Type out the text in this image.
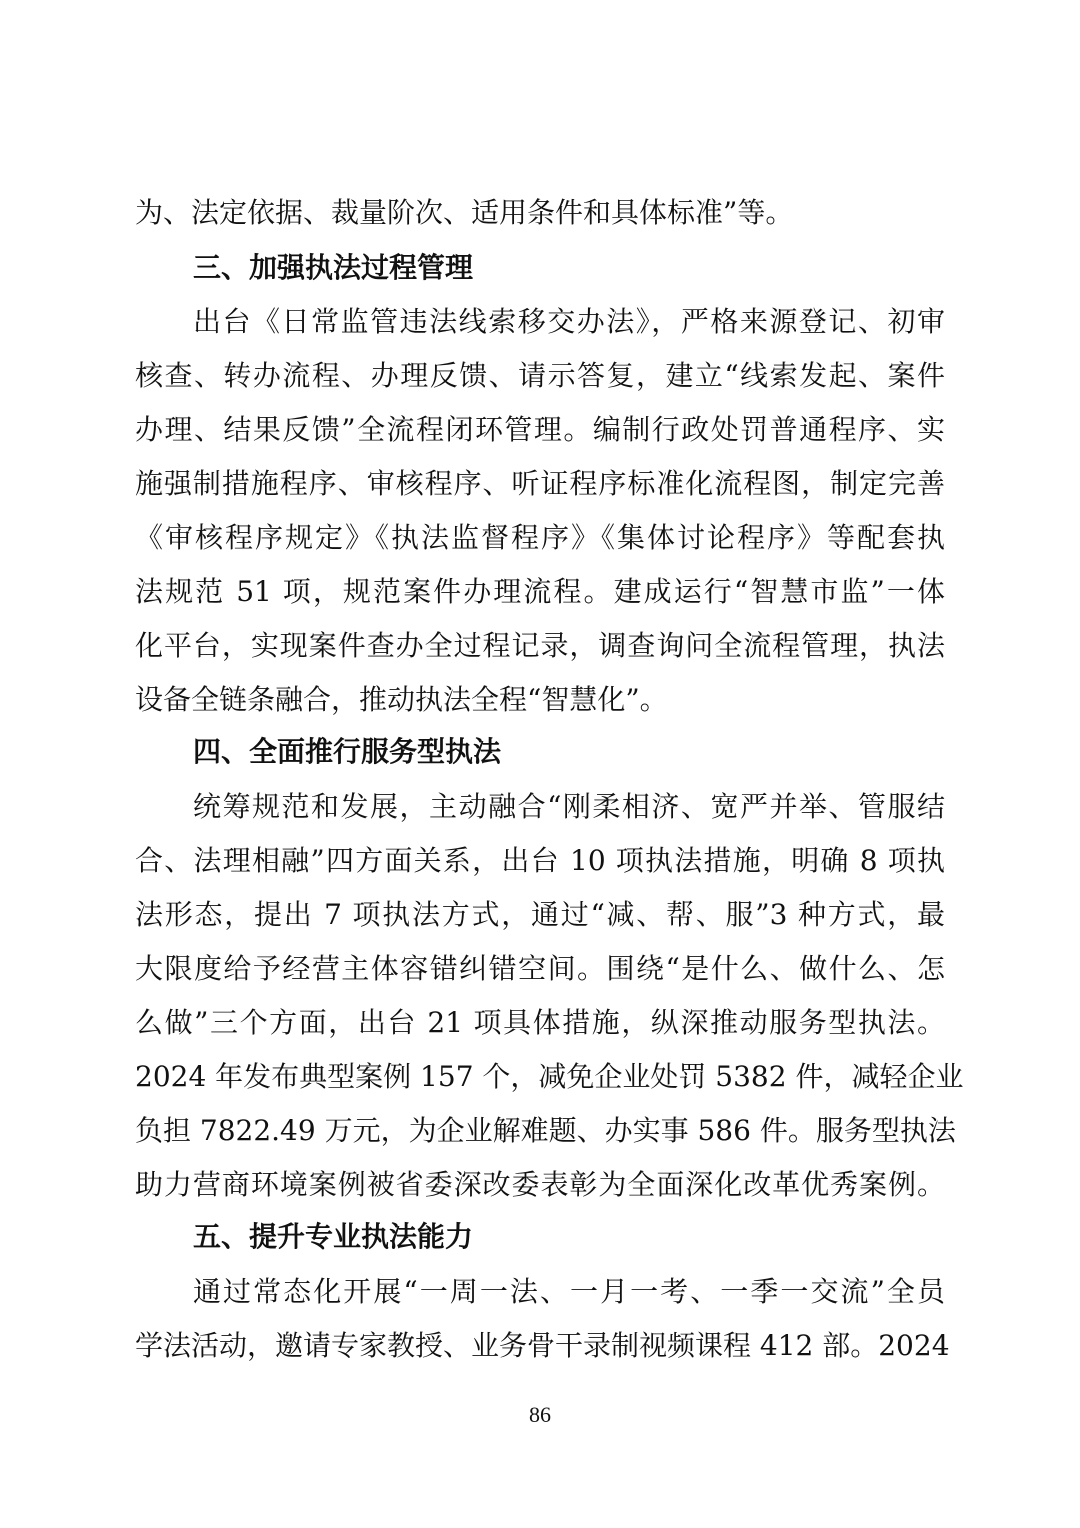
为、法定依据、裁量阶次、适用条件和具体标准”等。
三、加强执法过程管理
出台《日常监管违法线索移交办法》，严格来源登记、初审
核查、转办流程、办理反馈、请示答复，建立“线索发起、案件
办理、结果反馈”全流程闭环管理。编制行政处罚普通程序、实
施强制措施程序、审核程序、听证程序标准化流程图，制定完善
《审核程序规定》《执法监督程序》《集体讨论程序》等配套执
法规范 51 项，规范案件办理流程。建成运行“智慧市监”一体
化平台，实现案件查办全过程记录，调查询问全流程管理，执法
设备全链条融合，推动执法全程“智慧化”。
四、全面推行服务型执法
统筹规范和发展，主动融合“刚柔相济、宽严并举、管服结
合、法理相融”四方面关系，出台 10 项执法措施，明确 8 项执
法形态，提出 7 项执法方式，通过“减、帮、服”3 种方式，最
大限度给予经营主体容错纠错空间。围绕“是什么、做什么、怎
么做”三个方面，出台 21 项具体措施，纵深推动服务型执法。
2024 年发布典型案例 157 个，减免企业处罚 5382 件，减轻企业
负担 7822.49 万元，为企业解难题、办实事 586 件。服务型执法
助力营商环境案例被省委深改委表彰为全面深化改革优秀案例。
五、提升专业执法能力
通过常态化开展“一周一法、一月一考、一季一交流”全员
学法活动，邀请专家教授、业务骨干录制视频课程 412 部。2024
86
